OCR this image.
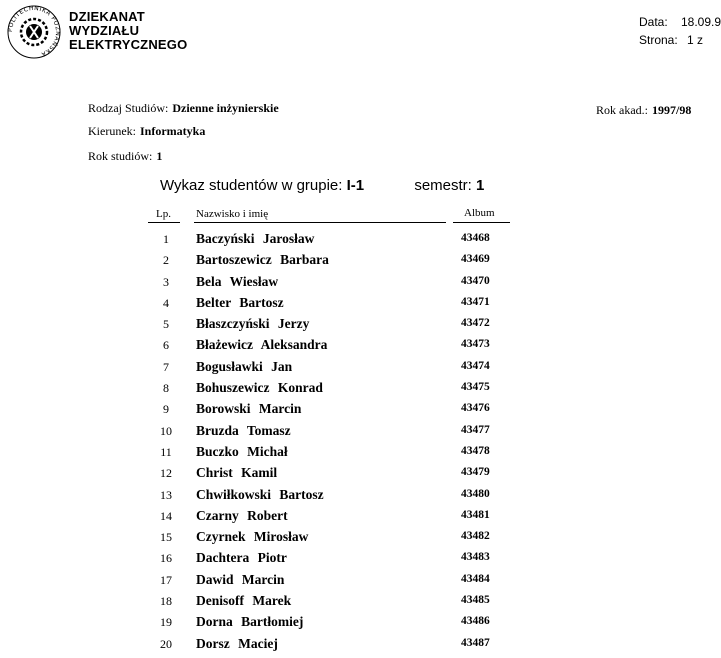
POLITECHNIKA POZNAŃSKA
DZIEKANAT
WYDZIAŁU
ELEKTRYCZNEGO
Data: 18.09.9
Strona: 1 z
Rodzaj Studiów: Dzienne inżynierskie
Kierunek: Informatyka
Rok studiów: 1
Rok akad.: 1997/98
Wykaz studentów w grupie: I-1	semestr: 1
Lp. Nazwisko i imię	Album
1	Baczyński Jarosław	43468
2	Bartoszewicz Barbara	43469
3	Bela Wiesław	43470
4	Belter Bartosz	43471
5	Błaszczyński Jerzy	43472
6	Błażewicz Aleksandra	43473
7	Bogusławki Jan	43474
8	Bohuszewicz Konrad	43475
9	Borowski Marcin	43476
10	Bruzda Tomasz	43477
11	Buczko Michał	43478
12	Christ Kamil	43479
13	Chwiłkowski Bartosz	43480
14	Czarny Robert	43481
15	Czyrnek Mirosław	43482
16	Dachtera Piotr	43483
17	Dawid Marcin	43484
18	Denisoff Marek	43485
19	Dorna Bartłomiej	43486
20	Dorsz Maciej	43487
